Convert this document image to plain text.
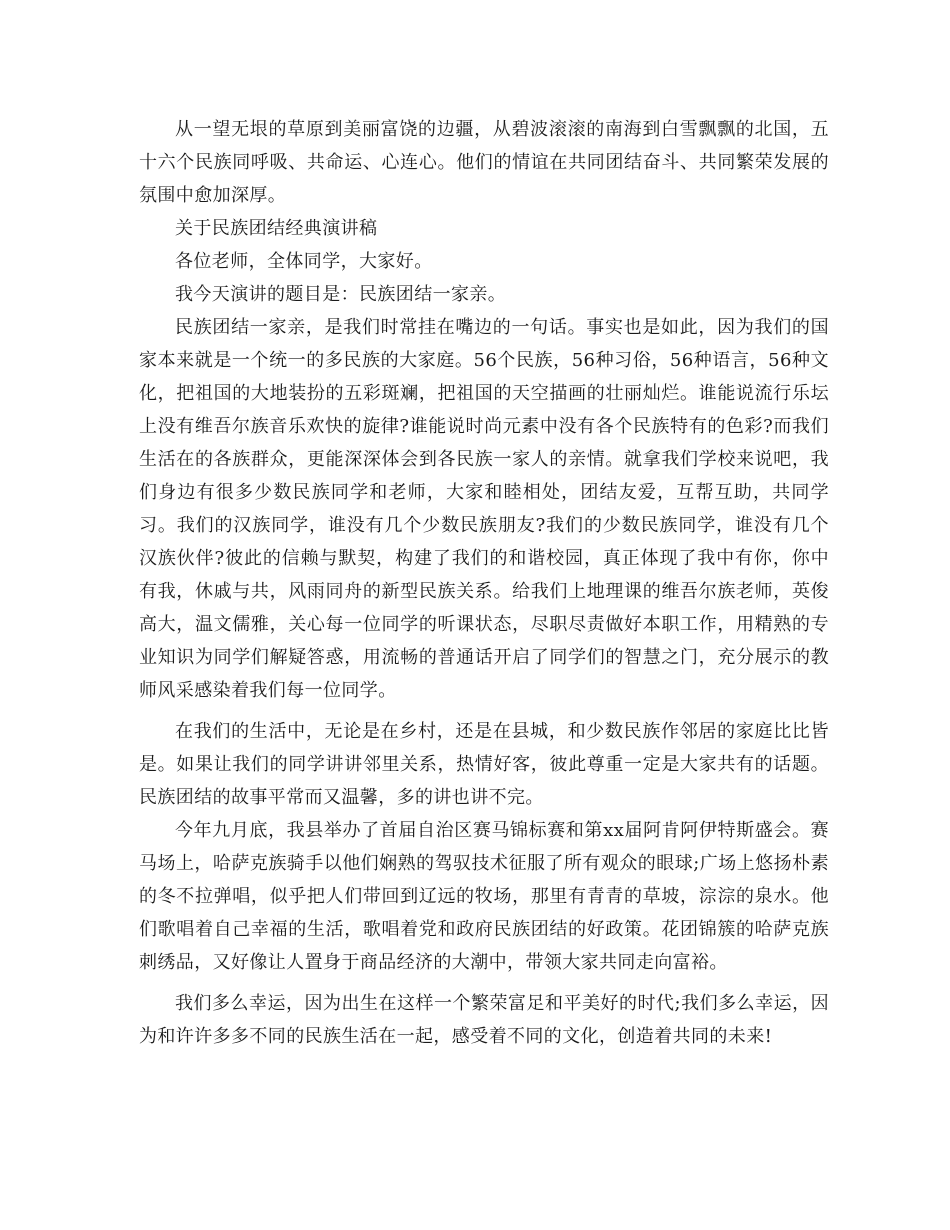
从一望无垠的草原到美丽富饶的边疆，从碧波滚滚的南海到白雪飘飘的北国，五十六个民族同呼吸、共命运、心连心。他们的情谊在共同团结奋斗、共同繁荣发展的氛围中愈加深厚。

关于民族团结经典演讲稿

各位老师，全体同学，大家好。

我今天演讲的题目是：民族团结一家亲。

民族团结一家亲，是我们时常挂在嘴边的一句话。事实也是如此，因为我们的国家本来就是一个统一的多民族的大家庭。56个民族，56种习俗，56种语言，56种文化，把祖国的大地装扮的五彩斑斓，把祖国的天空描画的壮丽灿烂。谁能说流行乐坛上没有维吾尔族音乐欢快的旋律?谁能说时尚元素中没有各个民族特有的色彩?而我们生活在的各族群众，更能深深体会到各民族一家人的亲情。就拿我们学校来说吧，我们身边有很多少数民族同学和老师，大家和睦相处，团结友爱，互帮互助，共同学习。我们的汉族同学，谁没有几个少数民族朋友?我们的少数民族同学，谁没有几个汉族伙伴?彼此的信赖与默契，构建了我们的和谐校园，真正体现了我中有你，你中有我，休戚与共，风雨同舟的新型民族关系。给我们上地理课的维吾尔族老师，英俊高大，温文儒雅，关心每一位同学的听课状态，尽职尽责做好本职工作，用精熟的专业知识为同学们解疑答惑，用流畅的普通话开启了同学们的智慧之门，充分展示的教师风采感染着我们每一位同学。

在我们的生活中，无论是在乡村，还是在县城，和少数民族作邻居的家庭比比皆是。如果让我们的同学讲讲邻里关系，热情好客，彼此尊重一定是大家共有的话题。民族团结的故事平常而又温馨，多的讲也讲不完。

今年九月底，我县举办了首届自治区赛马锦标赛和第xx届阿肯阿伊特斯盛会。赛马场上，哈萨克族骑手以他们娴熟的驾驭技术征服了所有观众的眼球;广场上悠扬朴素的冬不拉弹唱，似乎把人们带回到辽远的牧场，那里有青青的草坡，淙淙的泉水。他们歌唱着自己幸福的生活，歌唱着党和政府民族团结的好政策。花团锦簇的哈萨克族刺绣品，又好像让人置身于商品经济的大潮中，带领大家共同走向富裕。

我们多么幸运，因为出生在这样一个繁荣富足和平美好的时代;我们多么幸运，因为和许许多多不同的民族生活在一起，感受着不同的文化，创造着共同的未来!
